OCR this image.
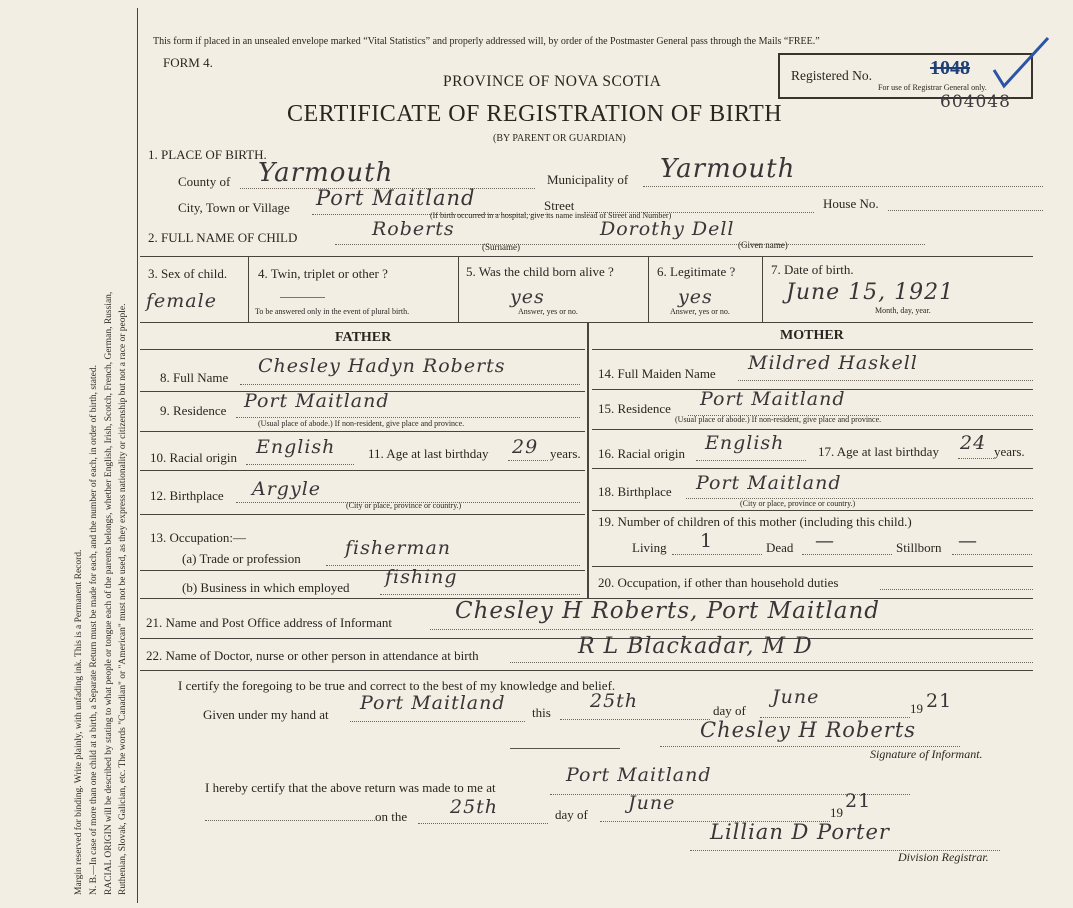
Margin reserved for binding. Write plainly, with unfading ink. This is a Permanent Record. N. B.—In case of more than one child at a birth, a Separate Return must be made for each, and the number of each, in order of birth, stated. RACIAL ORIGIN will be described by stating to what people or tongue each of the parents belongs, whether English, Irish, Scotch, French, German, Russian, Ruthenian, Slovak, Galician, etc. The words "Canadian" or "American" must not be used, as they express nationality or citizenship but not a race or people.
This form if placed in an unsealed envelope marked “Vital Statistics” and properly addressed will, by order of the Postmaster General pass through the Mails “FREE.”
FORM 4.
Registered No.	1048
For use of Registrar General only.
604048
PROVINCE OF NOVA SCOTIA
CERTIFICATE OF REGISTRATION OF BIRTH
(BY PARENT OR GUARDIAN)
1. PLACE OF BIRTH.
County of Yarmouth	Municipality of Yarmouth
City, Town or Village Port Maitland	Street
(If birth occurred in a hospital, give its name instead of Street and Number)
House No.
2. FULL NAME OF CHILD	Roberts	Dorothy Dell
(Surname)	(Given name)
3. Sex of child.
female
4. Twin, triplet or other ?
To be answered only in the event of plural birth.
5. Was the child born alive ?
yes
Answer, yes or no.
6. Legitimate ?
yes
Answer, yes or no.
7. Date of birth.
June 15, 1921
Month, day, year.
FATHER	MOTHER
8. Full Name
Chesley Hadyn Roberts
9. Residence Port Maitland
(Usual place of abode.) If non-resident, give place and province.
10. Racial origin English	11. Age at last birthday 29 years.
12. Birthplace Argyle
(City or place, province or country.)
13. Occupation:—
(a) Trade or profession fisherman
(b) Business in which employed fishing
14. Full Maiden Name Mildred Haskell
15. Residence Port Maitland
(Usual place of abode.) If non-resident, give place and province.
16. Racial origin English	17. Age at last birthday 24 years.
18. Birthplace Port Maitland
(City or place, province or country.)
19. Number of children of this mother (including this child.)
Living 1	Dead —	Stillborn —
20. Occupation, if other than household duties
21. Name and Post Office address of Informant	Chesley H Roberts, Port Maitland
22. Name of Doctor, nurse or other person in attendance at birth	R L Blackadar, M D
I certify the foregoing to be true and correct to the best of my knowledge and belief.
Given under my hand at
Port Maitland this
25th	day of
June
19 21
Chesley H Roberts
Signature of Informant.
I hereby certify that the above return was made to me at
Port Maitland
on the 25th	day of
June	19
21
Lillian D Porter
Division Registrar.
